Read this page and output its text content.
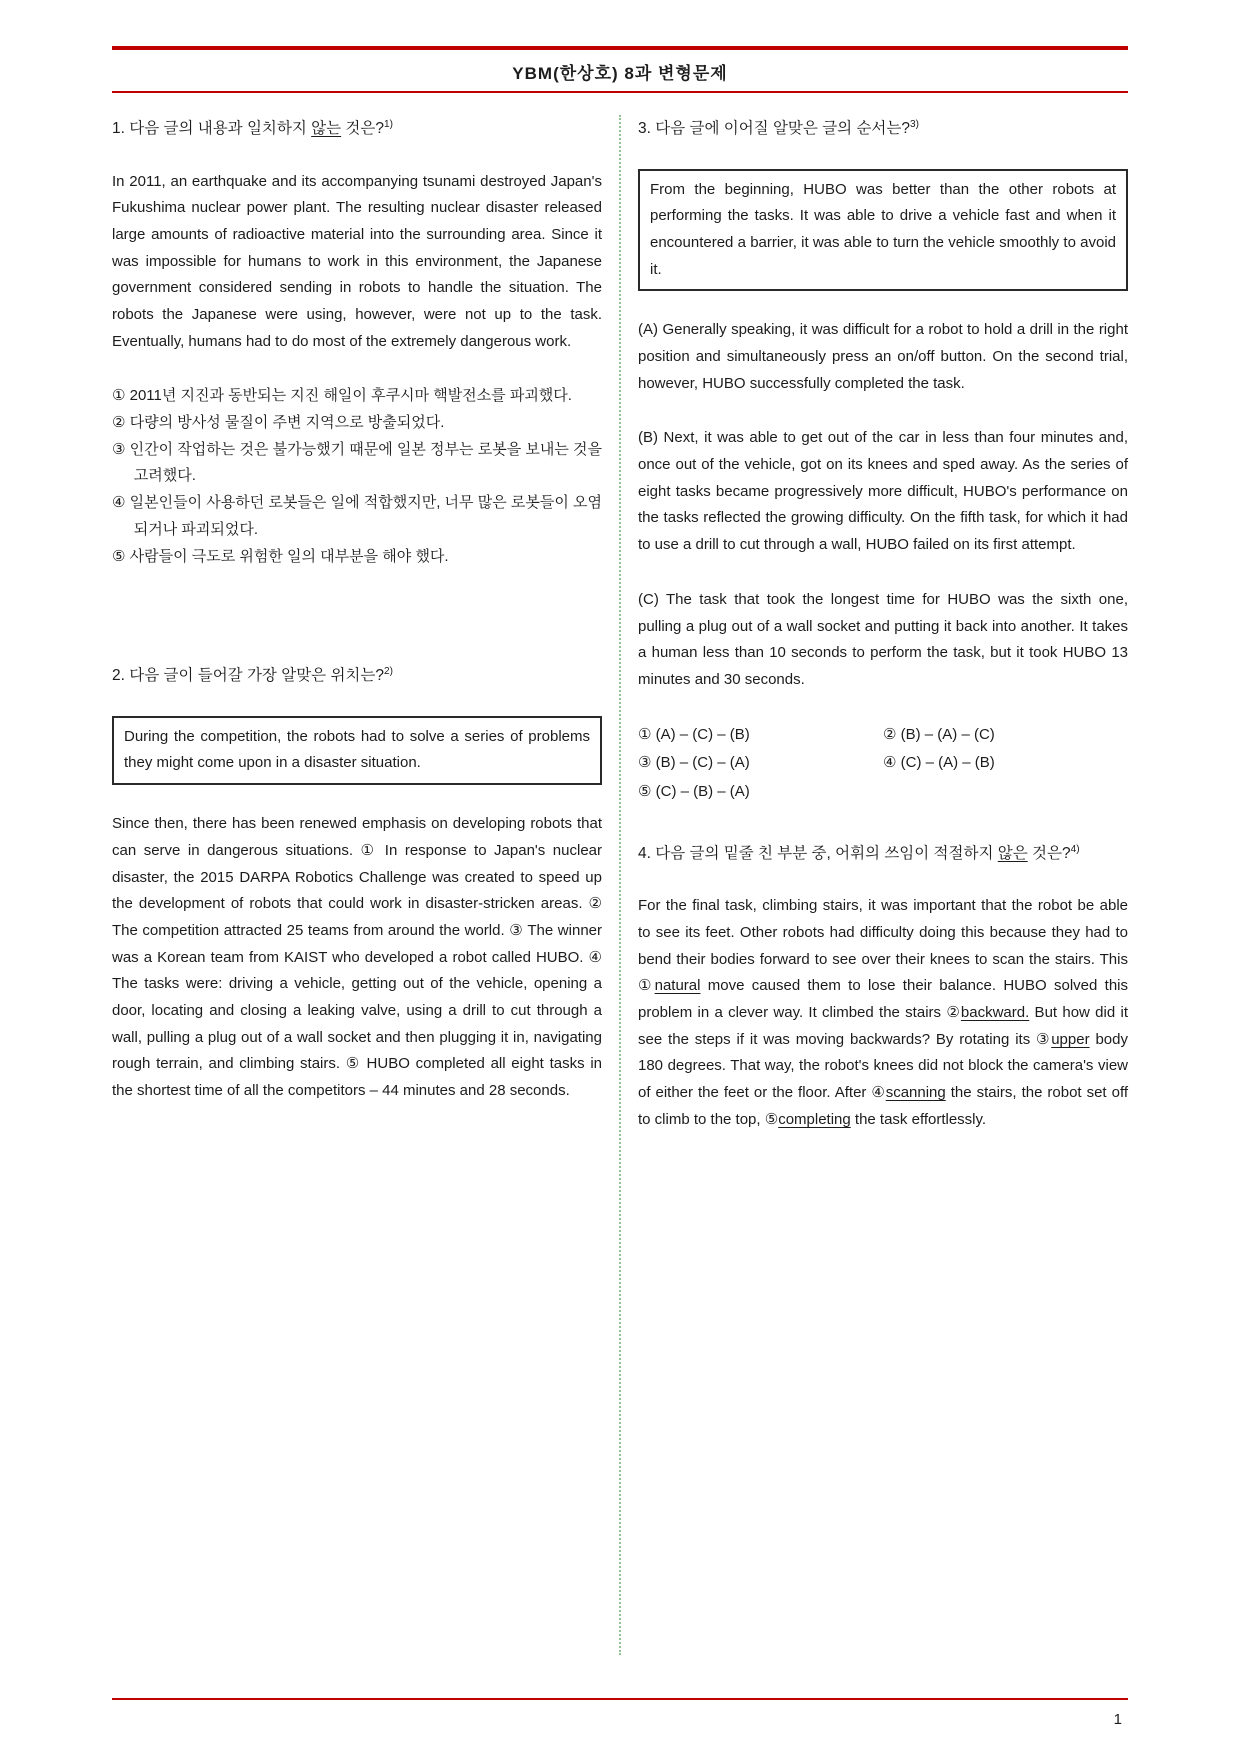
YBM(한상호) 8과 변형문제
1. 다음 글의 내용과 일치하지 않는 것은?$^{1)}$
In 2011, an earthquake and its accompanying tsunami destroyed Japan's Fukushima nuclear power plant. The resulting nuclear disaster released large amounts of radioactive material into the surrounding area. Since it was impossible for humans to work in this environment, the Japanese government considered sending in robots to handle the situation. The robots the Japanese were using, however, were not up to the task. Eventually, humans had to do most of the extremely dangerous work.
① 2011년 지진과 동반되는 지진 해일이 후쿠시마 핵발전소를 파괴했다.
② 다량의 방사성 물질이 주변 지역으로 방출되었다.
③ 인간이 작업하는 것은 불가능했기 때문에 일본 정부는 로봇을 보내는 것을 고려했다.
④ 일본인들이 사용하던 로봇들은 일에 적합했지만, 너무 많은 로봇들이 오염되거나 파괴되었다.
⑤ 사람들이 극도로 위험한 일의 대부분을 해야 했다.
2. 다음 글이 들어갈 가장 알맞은 위치는?$^{2)}$
During the competition, the robots had to solve a series of problems they might come upon in a disaster situation.
Since then, there has been renewed emphasis on developing robots that can serve in dangerous situations. ① In response to Japan's nuclear disaster, the 2015 DARPA Robotics Challenge was created to speed up the development of robots that could work in disaster-stricken areas. ② The competition attracted 25 teams from around the world. ③ The winner was a Korean team from KAIST who developed a robot called HUBO. ④ The tasks were: driving a vehicle, getting out of the vehicle, opening a door, locating and closing a leaking valve, using a drill to cut through a wall, pulling a plug out of a wall socket and then plugging it in, navigating rough terrain, and climbing stairs. ⑤ HUBO completed all eight tasks in the shortest time of all the competitors – 44 minutes and 28 seconds.
3. 다음 글에 이어질 알맞은 글의 순서는?$^{3)}$
From the beginning, HUBO was better than the other robots at performing the tasks. It was able to drive a vehicle fast and when it encountered a barrier, it was able to turn the vehicle smoothly to avoid it.
(A) Generally speaking, it was difficult for a robot to hold a drill in the right position and simultaneously press an on/off button. On the second trial, however, HUBO successfully completed the task.
(B) Next, it was able to get out of the car in less than four minutes and, once out of the vehicle, got on its knees and sped away. As the series of eight tasks became progressively more difficult, HUBO's performance on the tasks reflected the growing difficulty. On the fifth task, for which it had to use a drill to cut through a wall, HUBO failed on its first attempt.
(C) The task that took the longest time for HUBO was the sixth one, pulling a plug out of a wall socket and putting it back into another. It takes a human less than 10 seconds to perform the task, but it took HUBO 13 minutes and 30 seconds.
① (A) – (C) – (B)	② (B) – (A) – (C)
③ (B) – (C) – (A)	④ (C) – (A) – (B)
⑤ (C) – (B) – (A)
4. 다음 글의 밑줄 친 부분 중, 어휘의 쓰임이 적절하지 않은 것은?$^{4)}$
For the final task, climbing stairs, it was important that the robot be able to see its feet. Other robots had difficulty doing this because they had to bend their bodies forward to see over their knees to scan the stairs. This ①natural move caused them to lose their balance. HUBO solved this problem in a clever way. It climbed the stairs ②backward. But how did it see the steps if it was moving backwards? By rotating its ③upper body 180 degrees. That way, the robot's knees did not block the camera's view of either the feet or the floor. After ④scanning the stairs, the robot set off to climb to the top, ⑤completing the task effortlessly.
1
